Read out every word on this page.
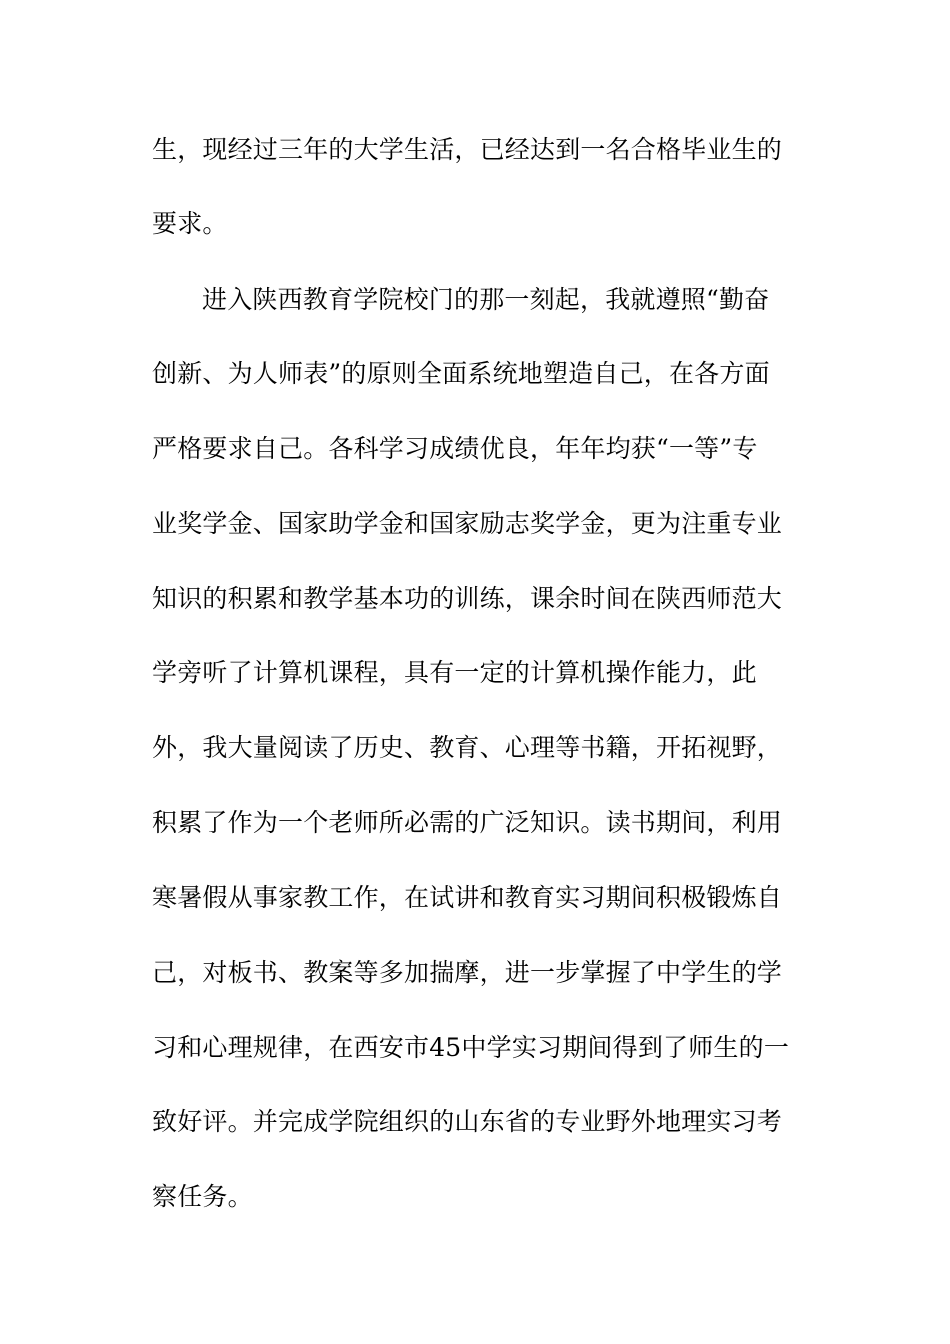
生，现经过三年的大学生活，已经达到一名合格毕业生的
要求。
进入陕西教育学院校门的那一刻起，我就遵照“勤奋
创新、为人师表”的原则全面系统地塑造自己，在各方面
严格要求自己。各科学习成绩优良，年年均获“一等”专
业奖学金、国家助学金和国家励志奖学金，更为注重专业
知识的积累和教学基本功的训练，课余时间在陕西师范大
学旁听了计算机课程，具有一定的计算机操作能力，此
外，我大量阅读了历史、教育、心理等书籍，开拓视野，
积累了作为一个老师所必需的广泛知识。读书期间，利用
寒暑假从事家教工作，在试讲和教育实习期间积极锻炼自
己，对板书、教案等多加揣摩，进一步掌握了中学生的学
习和心理规律，在西安市45中学实习期间得到了师生的一
致好评。并完成学院组织的山东省的专业野外地理实习考
察任务。
